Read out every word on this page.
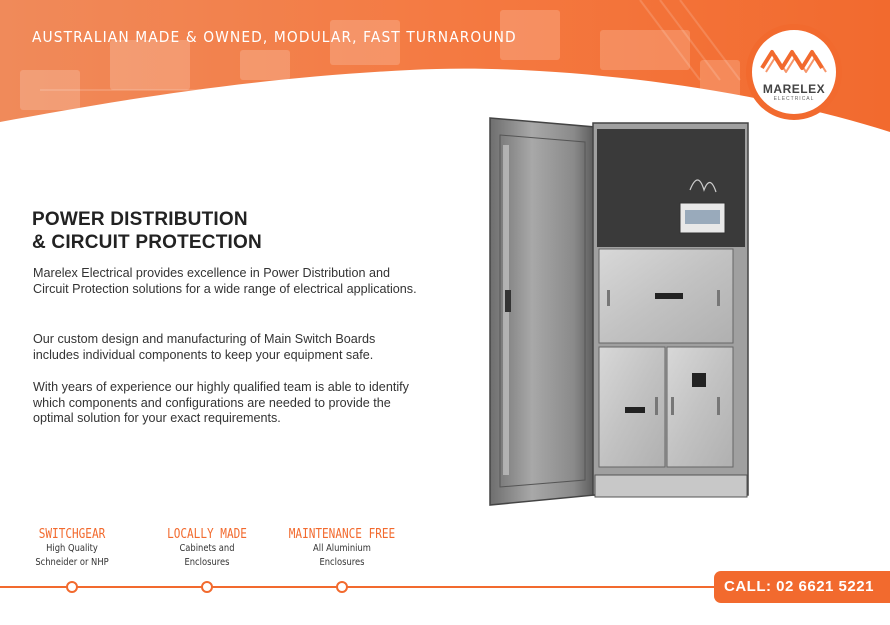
AUSTRALIAN MADE & OWNED, MODULAR, FAST TURNAROUND
MARELEX
ELECTRICAL
POWER DISTRIBUTION
& CIRCUIT PROTECTION

Marelex Electrical provides excellence in Power Distribution and Circuit Protection solutions for a wide range of electrical applications.

Our custom design and manufacturing of Main Switch Boards includes individual components to keep your equipment safe.

With years of experience our highly qualified team is able to identify which components and configurations are needed to provide the optimal solution for your exact requirements.

SWITCHGEAR
High Quality
Schneider or NHP
LOCALLY MADE
Cabinets and
Enclosures
MAINTENANCE FREE
All Aluminium
Enclosures
CALL: 02 6621 5221
